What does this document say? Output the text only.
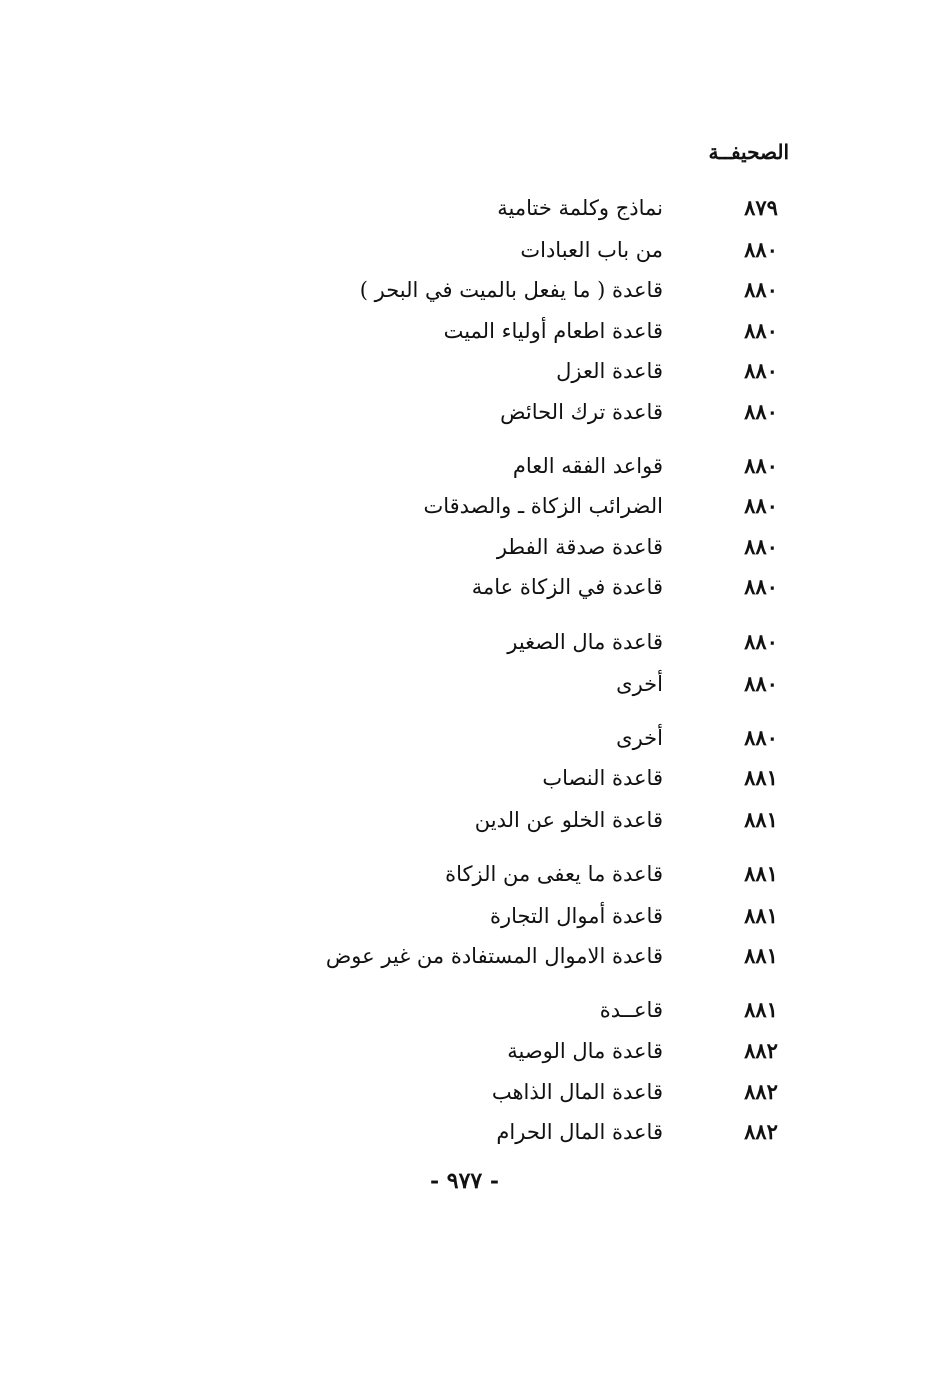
الصحيفــة
٨٧٩
نماذج وكلمة ختامية
٨٨٠
من باب العبادات
٨٨٠
قاعدة ( ما يفعل بالميت في البحر )
٨٨٠
قاعدة اطعام أولياء الميت
٨٨٠
قاعدة العزل
٨٨٠
قاعدة ترك الحائض
٨٨٠
قواعد الفقه العام
٨٨٠
الضرائب الزكاة ـ والصدقات
٨٨٠
قاعدة صدقة الفطر
٨٨٠
قاعدة في الزكاة عامة
٨٨٠
قاعدة مال الصغير
٨٨٠
أخرى
٨٨٠
أخرى
٨٨١
قاعدة النصاب
٨٨١
قاعدة الخلو عن الدين
٨٨١
قاعدة ما يعفى من الزكاة
٨٨١
قاعدة أموال التجارة
٨٨١
قاعدة الاموال المستفادة من غير عوض
٨٨١
قاعــدة
٨٨٢
قاعدة مال الوصية
٨٨٢
قاعدة المال الذاهب
٨٨٢
قاعدة المال الحرام
- ٩٧٧ -
